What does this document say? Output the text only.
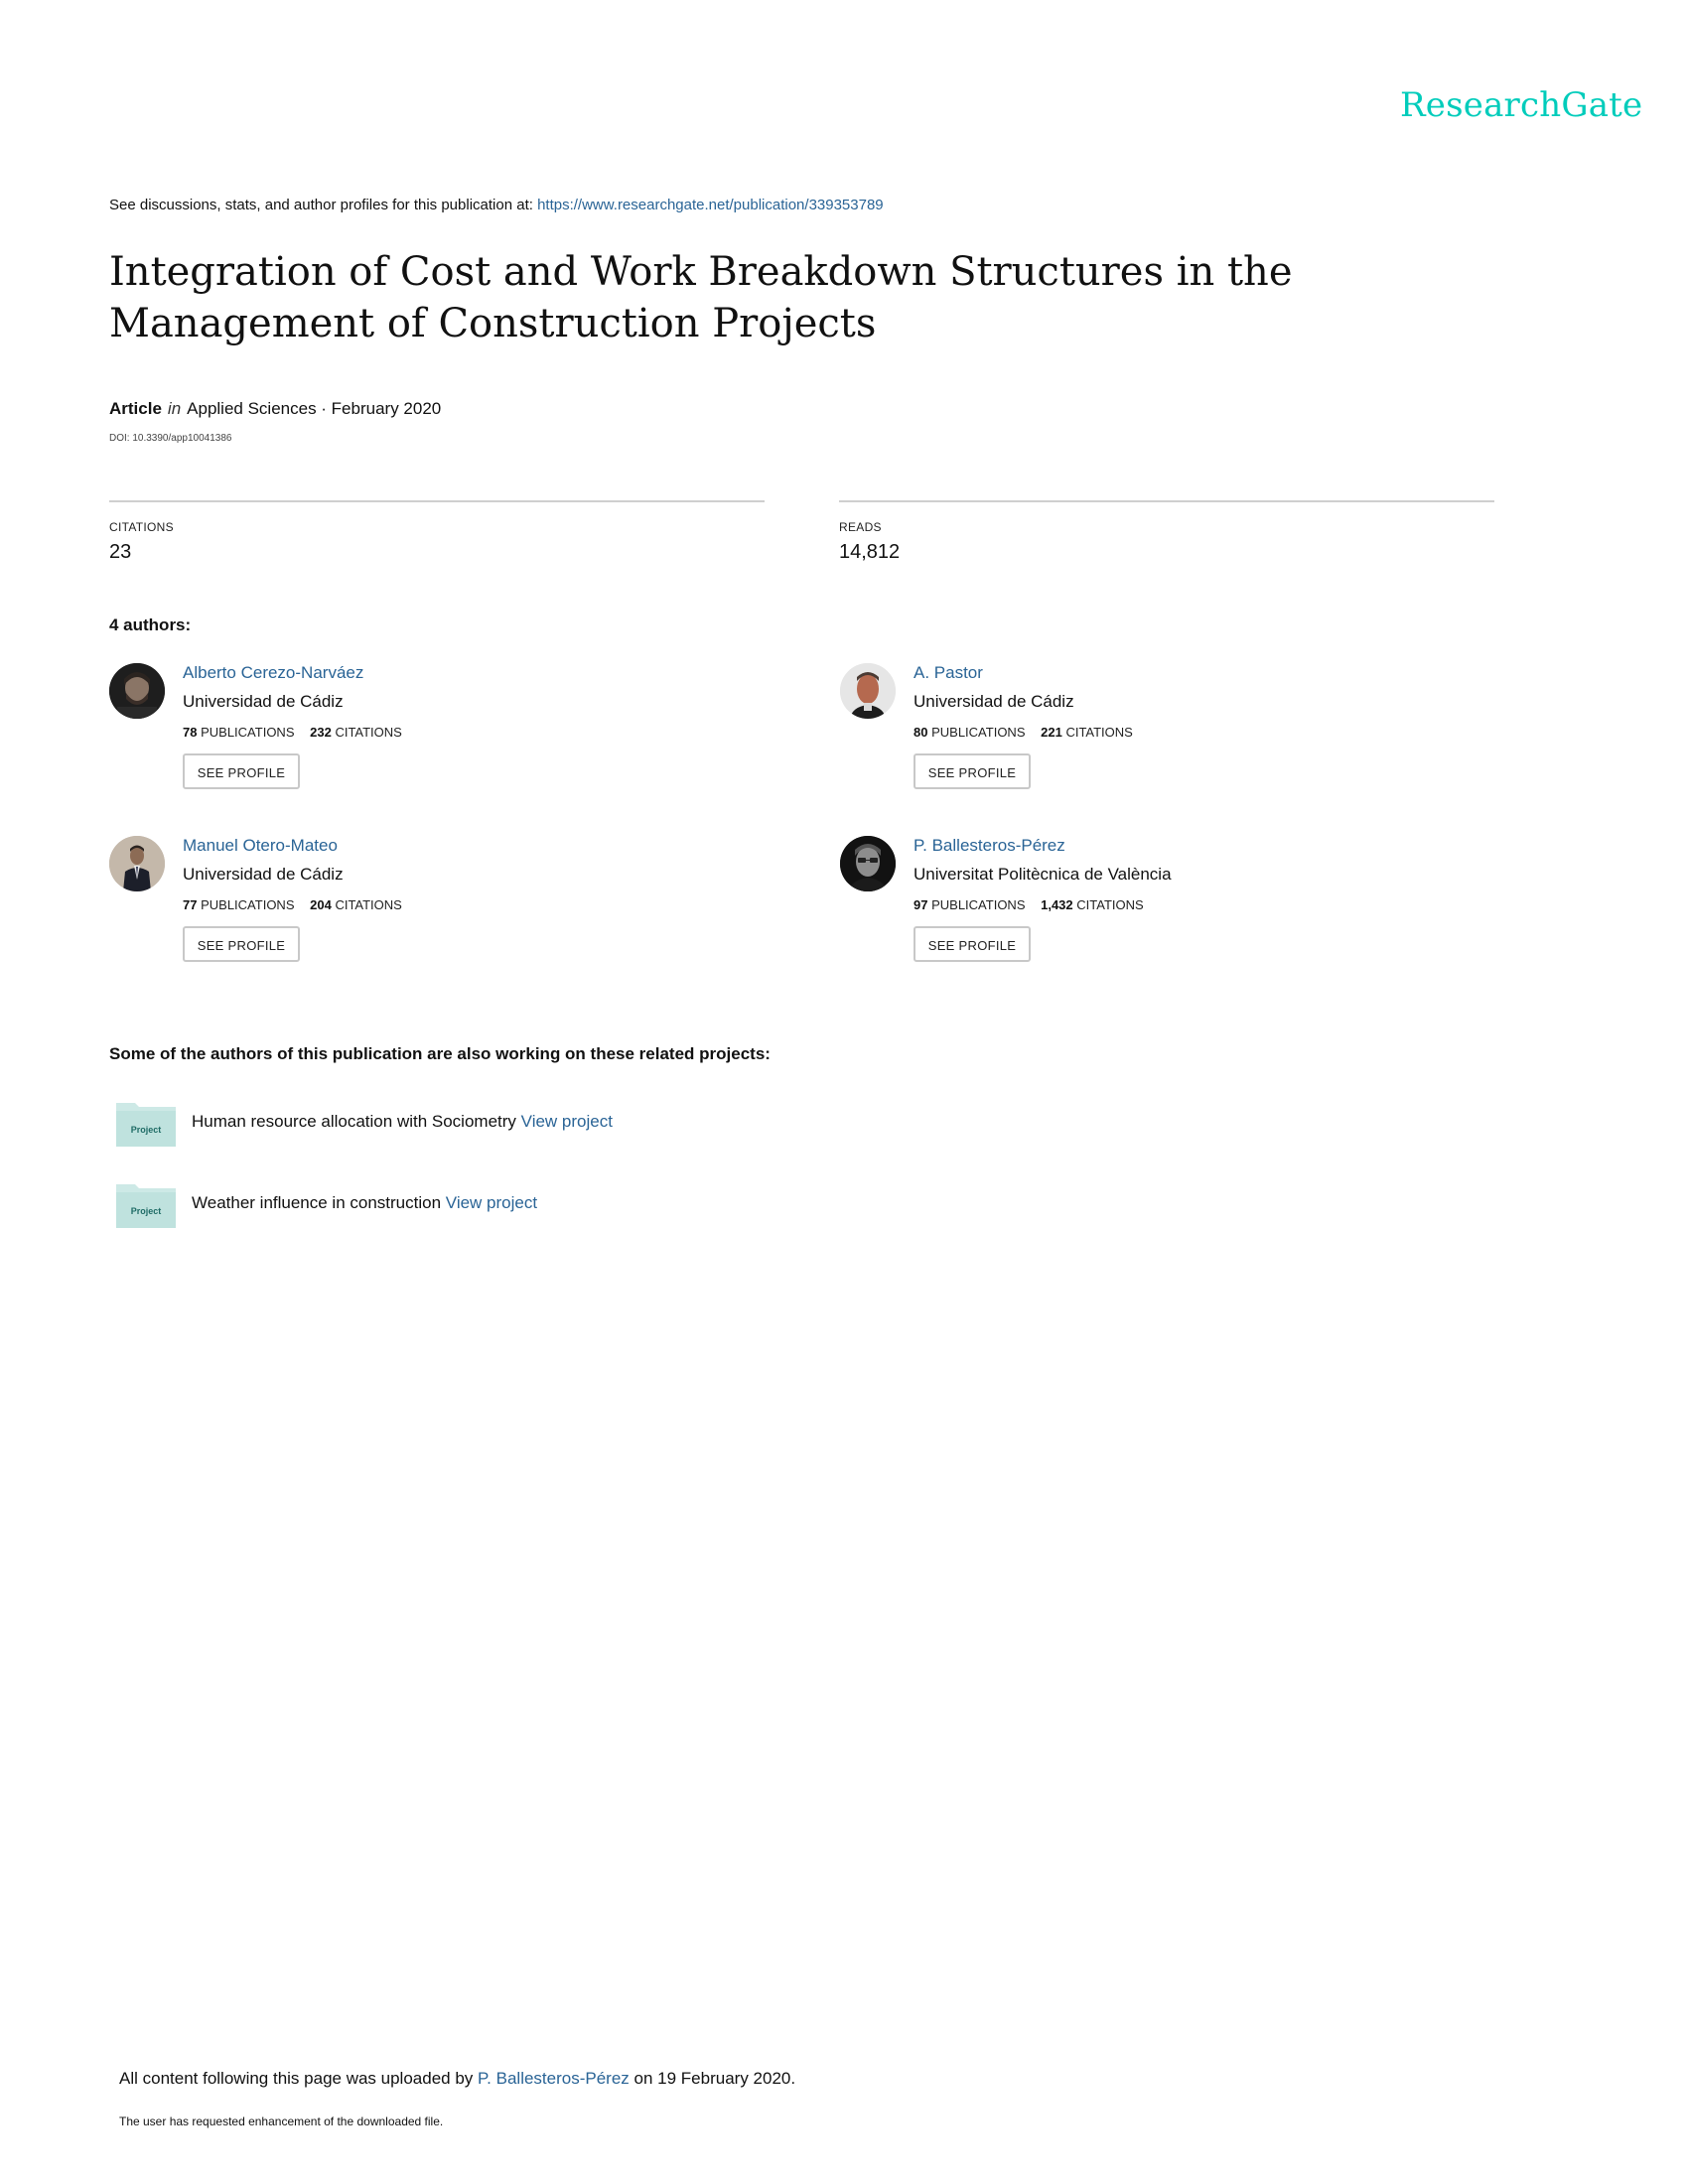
ResearchGate
See discussions, stats, and author profiles for this publication at: https://www.researchgate.net/publication/339353789
Integration of Cost and Work Breakdown Structures in the Management of Construction Projects
Article in Applied Sciences · February 2020
DOI: 10.3390/app10041386
CITATIONS
23
READS
14,812
4 authors:
Alberto Cerezo-Narváez
Universidad de Cádiz
78 PUBLICATIONS 232 CITATIONS
SEE PROFILE
A. Pastor
Universidad de Cádiz
80 PUBLICATIONS 221 CITATIONS
SEE PROFILE
Manuel Otero-Mateo
Universidad de Cádiz
77 PUBLICATIONS 204 CITATIONS
SEE PROFILE
P. Ballesteros-Pérez
Universitat Politècnica de València
97 PUBLICATIONS 1,432 CITATIONS
SEE PROFILE
Some of the authors of this publication are also working on these related projects:
Project Human resource allocation with Sociometry View project
Project Weather influence in construction View project
All content following this page was uploaded by P. Ballesteros-Pérez on 19 February 2020.
The user has requested enhancement of the downloaded file.
